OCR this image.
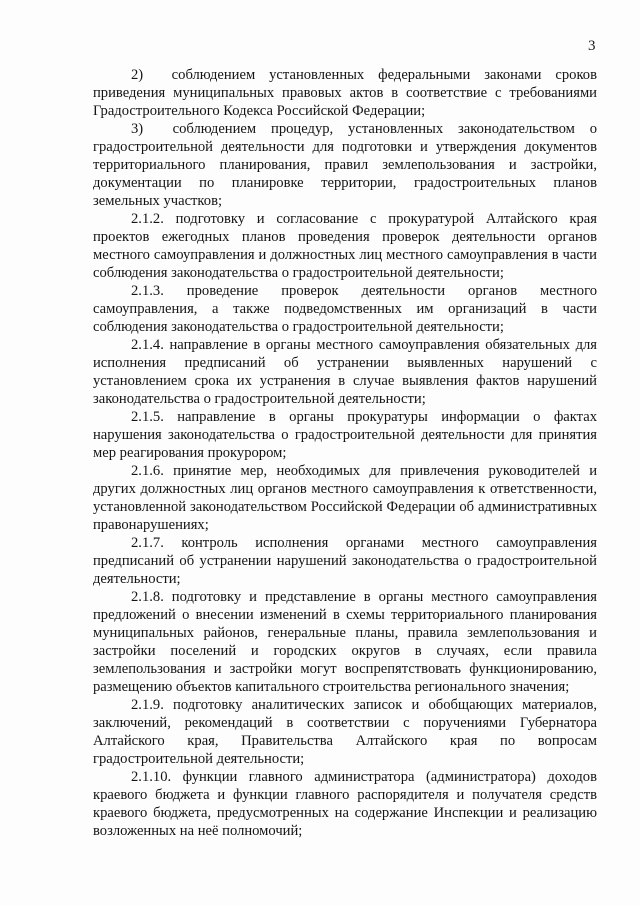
3

2)  соблюдением установленных федеральными законами сроков приведения муниципальных правовых актов в соответствие с требованиями Градостроительного Кодекса Российской Федерации;

3)  соблюдением процедур, установленных законодательством о градостроительной деятельности для подготовки и утверждения документов территориального планирования, правил землепользования и застройки, документации по планировке территории, градостроительных планов земельных участков;

2.1.2. подготовку и согласование с прокуратурой Алтайского края проектов ежегодных планов проведения проверок деятельности органов местного самоуправления и должностных лиц местного самоуправления в части соблюдения законодательства о градостроительной деятельности;

2.1.3. проведение проверок деятельности органов местного самоуправления, а также подведомственных им организаций в части соблюдения законодательства о градостроительной деятельности;

2.1.4. направление в органы местного самоуправления обязательных для исполнения предписаний об устранении выявленных нарушений с установлением срока их устранения в случае выявления фактов нарушений законодательства о градостроительной деятельности;

2.1.5. направление в органы прокуратуры информации о фактах нарушения законодательства о градостроительной деятельности для принятия мер реагирования прокурором;

2.1.6. принятие мер, необходимых для привлечения руководителей и других должностных лиц органов местного самоуправления к ответственности, установленной законодательством Российской Федерации об административных правонарушениях;

2.1.7. контроль исполнения органами местного самоуправления предписаний об устранении нарушений законодательства о градостроительной деятельности;

2.1.8. подготовку и представление в органы местного самоуправления предложений о внесении изменений в схемы территориального планирования муниципальных районов, генеральные планы, правила землепользования и застройки поселений и городских округов в случаях, если правила землепользования и застройки могут воспрепятствовать функционированию, размещению объектов капитального строительства регионального значения;

2.1.9. подготовку аналитических записок и обобщающих материалов, заключений, рекомендаций в соответствии с поручениями Губернатора Алтайского края, Правительства Алтайского края по вопросам градостроительной деятельности;

2.1.10. функции главного администратора (администратора) доходов краевого бюджета и функции главного распорядителя и получателя средств краевого бюджета, предусмотренных на содержание Инспекции и реализацию возложенных на неё полномочий;
